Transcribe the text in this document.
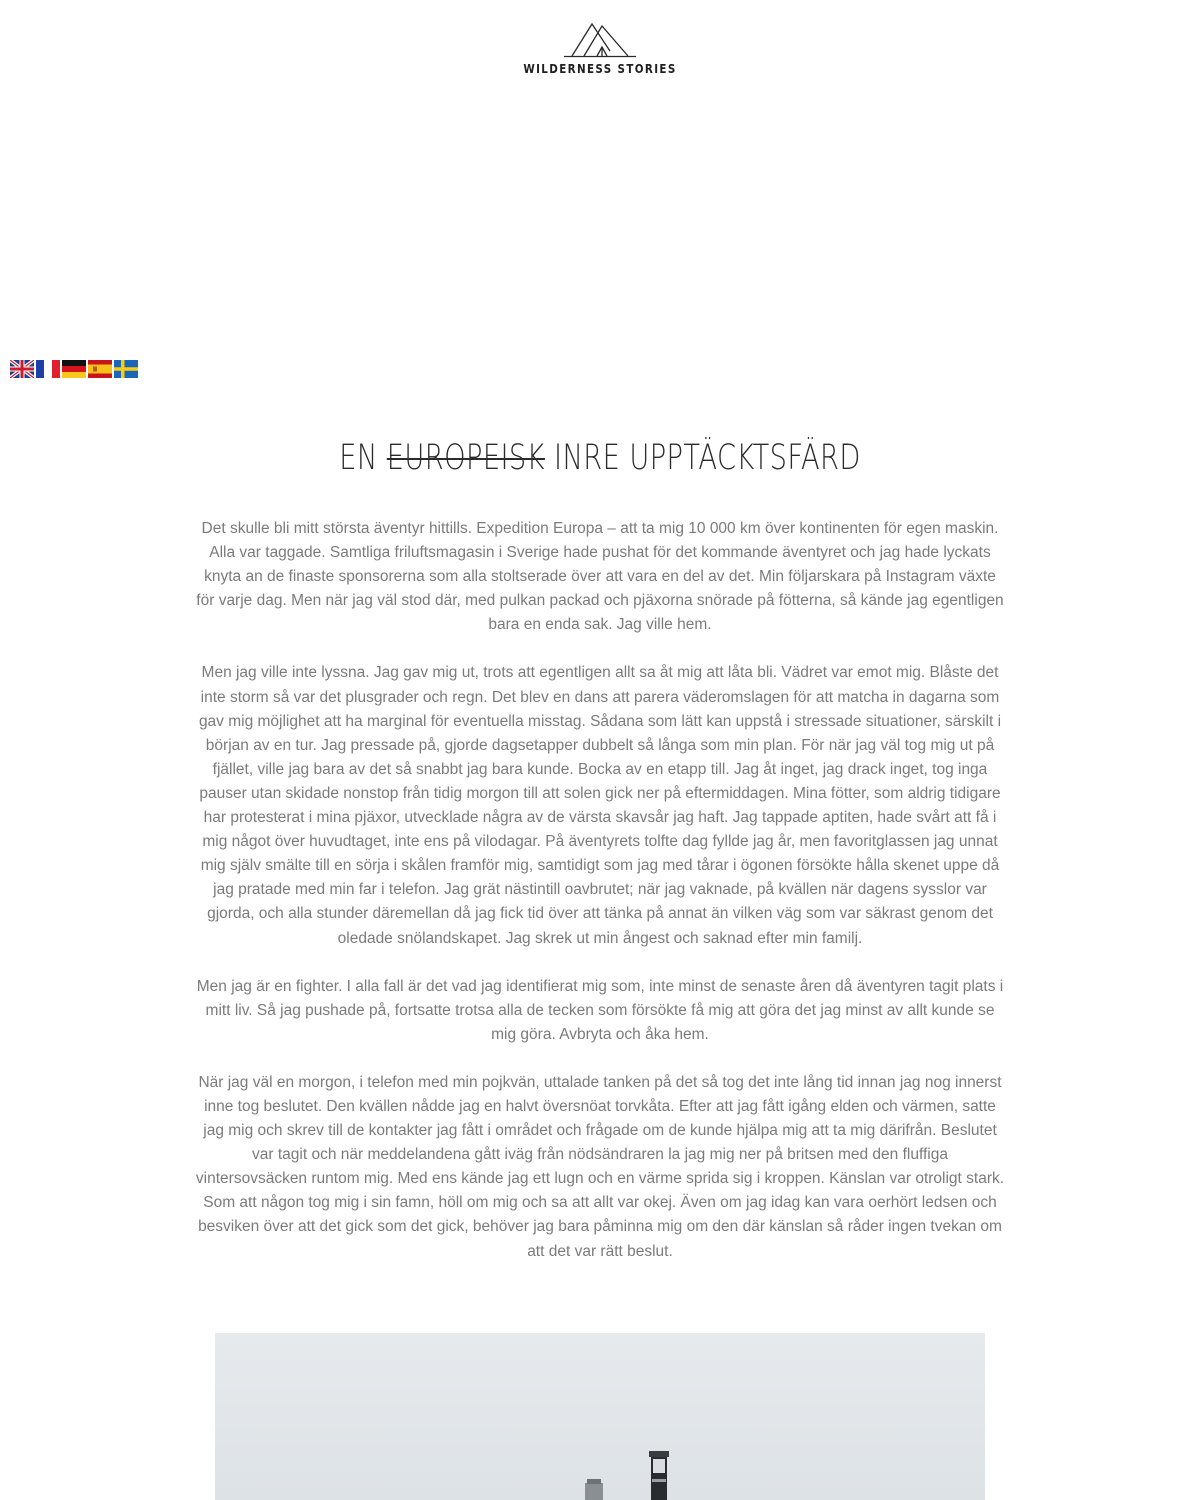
WILDERNESS STORIES
EN EUROPEISK INRE UPPTÄCKTSFÄRD

Det skulle bli mitt största äventyr hittills. Expedition Europa – att ta mig 10 000 km över kontinenten för egen maskin. Alla var taggade. Samtliga friluftsmagasin i Sverige hade pushat för det kommande äventyret och jag hade lyckats knyta an de finaste sponsorerna som alla stoltserade över att vara en del av det. Min följarskara på Instagram växte för varje dag. Men när jag väl stod där, med pulkan packad och pjäxorna snörade på fötterna, så kände jag egentligen bara en enda sak. Jag ville hem.

Men jag ville inte lyssna. Jag gav mig ut, trots att egentligen allt sa åt mig att låta bli. Vädret var emot mig. Blåste det inte storm så var det plusgrader och regn. Det blev en dans att parera väderomslagen för att matcha in dagarna som gav mig möjlighet att ha marginal för eventuella misstag. Sådana som lätt kan uppstå i stressade situationer, särskilt i början av en tur. Jag pressade på, gjorde dagsetapper dubbelt så långa som min plan. För när jag väl tog mig ut på fjället, ville jag bara av det så snabbt jag bara kunde. Bocka av en etapp till. Jag åt inget, jag drack inget, tog inga pauser utan skidade nonstop från tidig morgon till att solen gick ner på eftermiddagen. Mina fötter, som aldrig tidigare har protesterat i mina pjäxor, utvecklade några av de värsta skavsår jag haft. Jag tappade aptiten, hade svårt att få i mig något över huvudtaget, inte ens på vilodagar. På äventyrets tolfte dag fyllde jag år, men favoritglassen jag unnat mig själv smälte till en sörja i skålen framför mig, samtidigt som jag med tårar i ögonen försökte hålla skenet uppe då jag pratade med min far i telefon. Jag grät nästintill oavbrutet; när jag vaknade, på kvällen när dagens sysslor var gjorda, och alla stunder däremellan då jag fick tid över att tänka på annat än vilken väg som var säkrast genom det oledade snölandskapet. Jag skrek ut min ångest och saknad efter min familj.

Men jag är en fighter. I alla fall är det vad jag identifierat mig som, inte minst de senaste åren då äventyren tagit plats i mitt liv. Så jag pushade på, fortsatte trotsa alla de tecken som försökte få mig att göra det jag minst av allt kunde se mig göra. Avbryta och åka hem.

När jag väl en morgon, i telefon med min pojkvän, uttalade tanken på det så tog det inte lång tid innan jag nog innerst inne tog beslutet. Den kvällen nådde jag en halvt översnöat torvkåta. Efter att jag fått igång elden och värmen, satte jag mig och skrev till de kontakter jag fått i området och frågade om de kunde hjälpa mig att ta mig därifrån. Beslutet var tagit och när meddelandena gått iväg från nödsändraren la jag mig ner på britsen med den fluffiga vintersovsäcken runtom mig. Med ens kände jag ett lugn och en värme sprida sig i kroppen. Känslan var otroligt stark. Som att någon tog mig i sin famn, höll om mig och sa att allt var okej. Även om jag idag kan vara oerhört ledsen och besviken över att det gick som det gick, behöver jag bara påminna mig om den där känslan så råder ingen tvekan om att det var rätt beslut.
